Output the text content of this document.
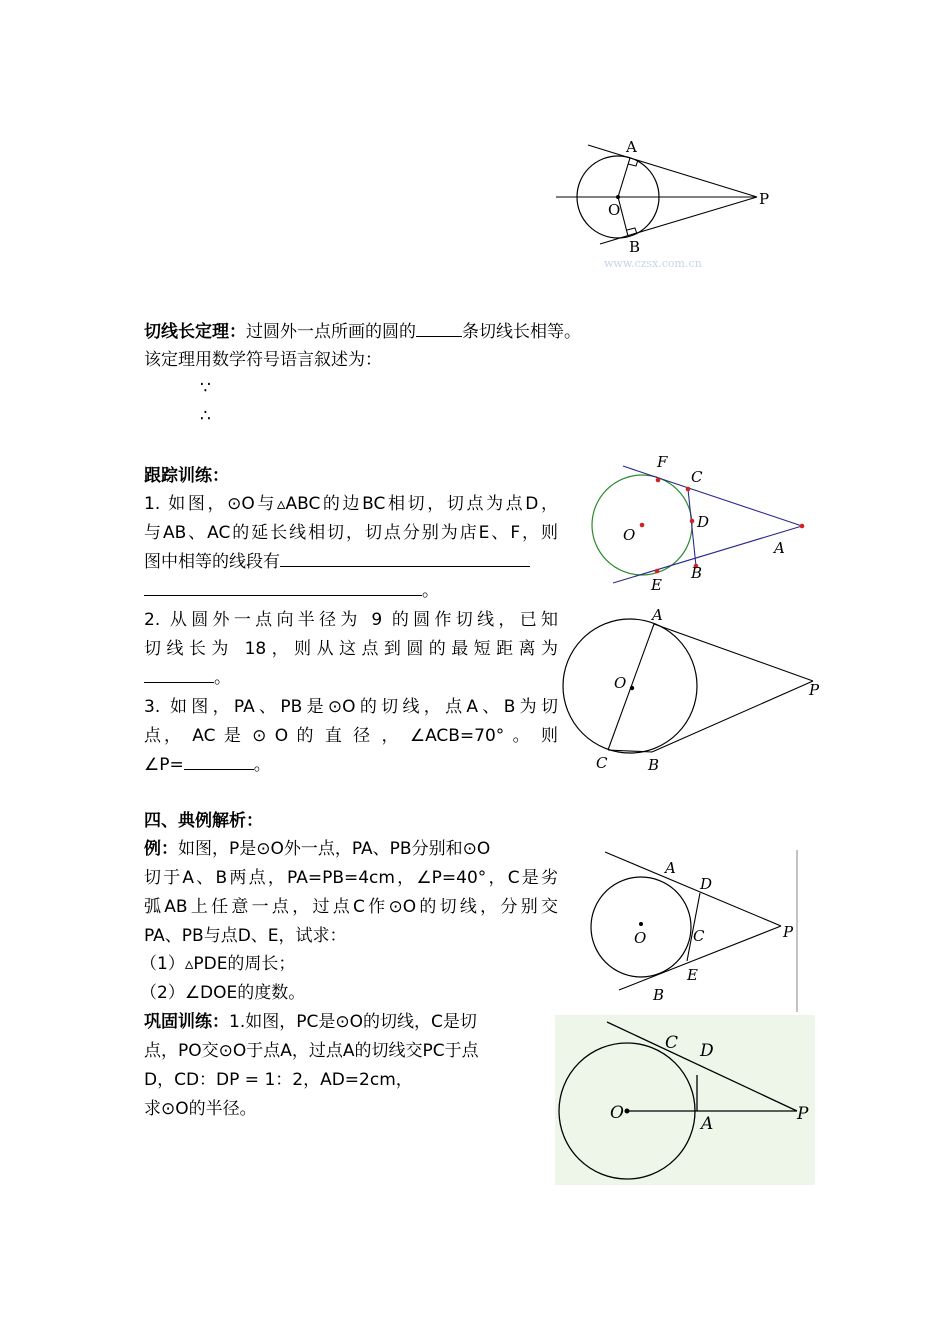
A
O
P
B
www.czsx.com.cn
切线长定理：过圆外一点所画的圆的	条切线长相等。
该定理用数学符号语言叙述为：
∵
∴
跟踪训练：
1. 如图，⊙O与▵ABC的边BC相切，切点为点D，
与AB、AC的延长线相切，切点分别为店E、F，则
图中相等的线段有
。
2. 从圆外一点向半径为 9 的圆作切线，已知
切线长为 18，则从这点到圆的最短距离为
。
3. 如图，PA、PB是⊙O的切线，点A、B为切
点， AC 是 ⊙ O 的 直 径 ， ∠ACB=70° 。 则
∠P=	。
F
C
D
O
A
E
B
A
O	P
C	B
四、典例解析：
例：如图，P是⊙O外一点，PA、PB分别和⊙O
切于A、B两点，PA=PB=4cm，∠P=40°，C是劣
弧AB上任意一点，过点C作⊙O的切线，分别交
PA、PB与点D、E，试求：
（1）▵PDE的周长；
（2）∠DOE的度数。
A
D
O	C	P
E
B
巩固训练：1.如图，PC是⊙O的切线，C是切
点，PO交⊙O于点A，过点A的切线交PC于点
D，CD：DP = 1：2，AD=2cm，
求⊙O的半径。
C D
O
A	P
